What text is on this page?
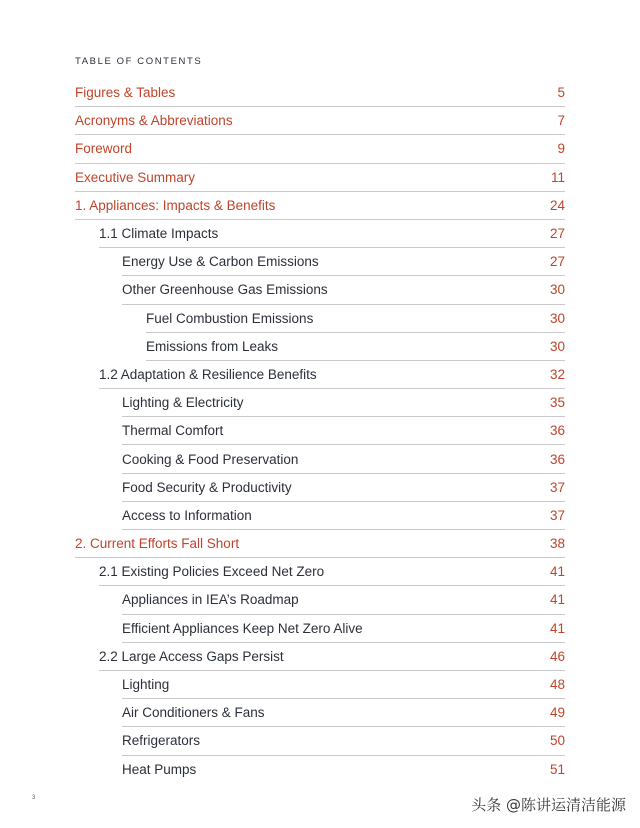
TABLE OF CONTENTS
Figures & Tables	5
Acronyms & Abbreviations	7
Foreword	9
Executive Summary	11
1. Appliances: Impacts & Benefits	24
1.1 Climate Impacts	27
Energy Use & Carbon Emissions	27
Other Greenhouse Gas Emissions	30
Fuel Combustion Emissions	30
Emissions from Leaks	30
1.2 Adaptation & Resilience Benefits	32
Lighting & Electricity	35
Thermal Comfort	36
Cooking & Food Preservation	36
Food Security & Productivity	37
Access to Information	37
2. Current Efforts Fall Short	38
2.1 Existing Policies Exceed Net Zero	41
Appliances in IEA’s Roadmap	41
Efficient Appliances Keep Net Zero Alive	41
2.2 Large Access Gaps Persist	46
Lighting	48
Air Conditioners & Fans	49
Refrigerators	50
Heat Pumps	51
3	头条 @陈讲运清洁能源
